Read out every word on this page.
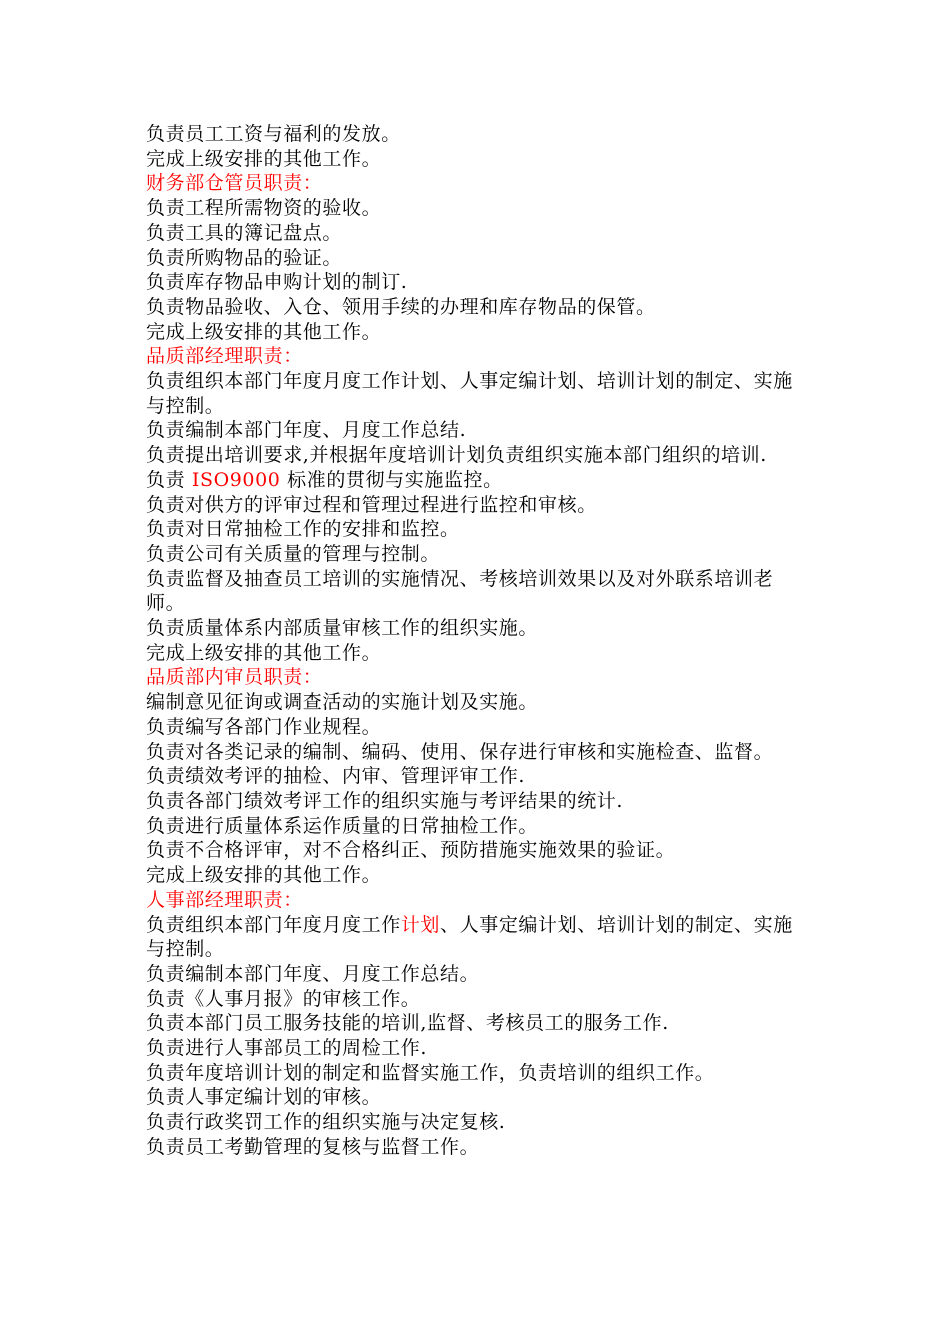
负责员工工资与福利的发放。

完成上级安排的其他工作。

财务部仓管员职责：

负责工程所需物资的验收。

负责工具的簿记盘点。

负责所购物品的验证。

负责库存物品申购计划的制订.

负责物品验收、入仓、领用手续的办理和库存物品的保管。

完成上级安排的其他工作。

品质部经理职责：

负责组织本部门年度月度工作计划、人事定编计划、培训计划的制定、实施与控制。

负责编制本部门年度、月度工作总结.

负责提出培训要求,并根据年度培训计划负责组织实施本部门组织的培训.

负责 ISO9000 标准的贯彻与实施监控。

负责对供方的评审过程和管理过程进行监控和审核。

负责对日常抽检工作的安排和监控。

负责公司有关质量的管理与控制。

负责监督及抽查员工培训的实施情况、考核培训效果以及对外联系培训老师。

负责质量体系内部质量审核工作的组织实施。

完成上级安排的其他工作。

品质部内审员职责：

编制意见征询或调查活动的实施计划及实施。

负责编写各部门作业规程。

负责对各类记录的编制、编码、使用、保存进行审核和实施检查、监督。

负责绩效考评的抽检、内审、管理评审工作.

负责各部门绩效考评工作的组织实施与考评结果的统计.

负责进行质量体系运作质量的日常抽检工作。

负责不合格评审，对不合格纠正、预防措施实施效果的验证。

完成上级安排的其他工作。

人事部经理职责：

负责组织本部门年度月度工作计划、人事定编计划、培训计划的制定、实施与控制。

负责编制本部门年度、月度工作总结。

负责《人事月报》的审核工作。

负责本部门员工服务技能的培训,监督、考核员工的服务工作.

负责进行人事部员工的周检工作.

负责年度培训计划的制定和监督实施工作，负责培训的组织工作。

负责人事定编计划的审核。

负责行政奖罚工作的组织实施与决定复核.

负责员工考勤管理的复核与监督工作。
